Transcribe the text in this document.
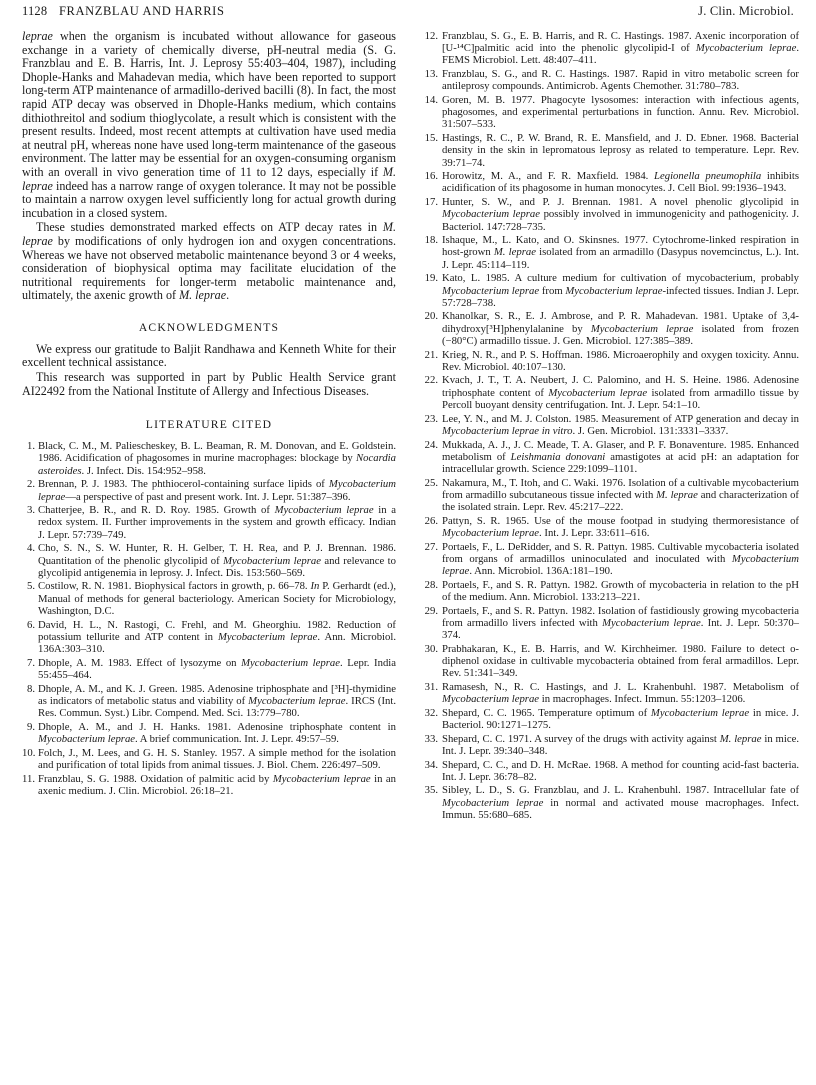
1128 FRANZBLAU AND HARRIS	J. Clin. Microbiol.

leprae when the organism is incubated without allowance for gaseous exchange in a variety of chemically diverse, pH-neutral media (S. G. Franzblau and E. B. Harris, Int. J. Leprosy 55:403–404, 1987), including Dhople-Hanks and Mahadevan media, which have been reported to support long-term ATP maintenance of armadillo-derived bacilli (8). In fact, the most rapid ATP decay was observed in Dhople-Hanks medium, which contains dithiothreitol and sodium thioglycolate, a result which is consistent with the present results. Indeed, most recent attempts at cultivation have used media at neutral pH, whereas none have used long-term maintenance of the gaseous environment. The latter may be essential for an oxygen-consuming organism with an overall in vivo generation time of 11 to 12 days, especially if M. leprae indeed has a narrow range of oxygen tolerance. It may not be possible to maintain a narrow oxygen level sufficiently long for actual growth during incubation in a closed system.

These studies demonstrated marked effects on ATP decay rates in M. leprae by modifications of only hydrogen ion and oxygen concentrations. Whereas we have not observed metabolic maintenance beyond 3 or 4 weeks, consideration of biophysical optima may facilitate elucidation of the nutritional requirements for longer-term metabolic maintenance and, ultimately, the axenic growth of M. leprae.

ACKNOWLEDGMENTS

We express our gratitude to Baljit Randhawa and Kenneth White for their excellent technical assistance.

This research was supported in part by Public Health Service grant AI22492 from the National Institute of Allergy and Infectious Diseases.

LITERATURE CITED

1. Black, C. M., M. Paliescheskey, B. L. Beaman, R. M. Donovan, and E. Goldstein. 1986. Acidification of phagosomes in murine macrophages: blockage by Nocardia asteroides. J. Infect. Dis. 154:952–958.

2. Brennan, P. J. 1983. The phthiocerol-containing surface lipids of Mycobacterium leprae—a perspective of past and present work. Int. J. Lepr. 51:387–396.

3. Chatterjee, B. R., and R. D. Roy. 1985. Growth of Mycobacterium leprae in a redox system. II. Further improvements in the system and growth efficacy. Indian J. Lepr. 57:739–749.

4. Cho, S. N., S. W. Hunter, R. H. Gelber, T. H. Rea, and P. J. Brennan. 1986. Quantitation of the phenolic glycolipid of Mycobacterium leprae and relevance to glycolipid antigenemia in leprosy. J. Infect. Dis. 153:560–569.

5. Costilow, R. N. 1981. Biophysical factors in growth, p. 66–78. In P. Gerhardt (ed.), Manual of methods for general bacteriology. American Society for Microbiology, Washington, D.C.

6. David, H. L., N. Rastogi, C. Frehl, and M. Gheorghiu. 1982. Reduction of potassium tellurite and ATP content in Mycobacterium leprae. Ann. Microbiol. 136A:303–310.

7. Dhople, A. M. 1983. Effect of lysozyme on Mycobacterium leprae. Lepr. India 55:455–464.

8. Dhople, A. M., and K. J. Green. 1985. Adenosine triphosphate and [³H]-thymidine as indicators of metabolic status and viability of Mycobacterium leprae. IRCS (Int. Res. Commun. Syst.) Libr. Compend. Med. Sci. 13:779–780.

9. Dhople, A. M., and J. H. Hanks. 1981. Adenosine triphosphate content in Mycobacterium leprae. A brief communication. Int. J. Lepr. 49:57–59.

10. Folch, J., M. Lees, and G. H. S. Stanley. 1957. A simple method for the isolation and purification of total lipids from animal tissues. J. Biol. Chem. 226:497–509.

11. Franzblau, S. G. 1988. Oxidation of palmitic acid by Mycobacterium leprae in an axenic medium. J. Clin. Microbiol. 26:18–21.

12. Franzblau, S. G., E. B. Harris, and R. C. Hastings. 1987. Axenic incorporation of [U-¹⁴C]palmitic acid into the phenolic glycolipid-I of Mycobacterium leprae. FEMS Microbiol. Lett. 48:407–411.

13. Franzblau, S. G., and R. C. Hastings. 1987. Rapid in vitro metabolic screen for antileprosy compounds. Antimicrob. Agents Chemother. 31:780–783.

14. Goren, M. B. 1977. Phagocyte lysosomes: interaction with infectious agents, phagosomes, and experimental perturbations in function. Annu. Rev. Microbiol. 31:507–533.

15. Hastings, R. C., P. W. Brand, R. E. Mansfield, and J. D. Ebner. 1968. Bacterial density in the skin in lepromatous leprosy as related to temperature. Lepr. Rev. 39:71–74.

16. Horowitz, M. A., and F. R. Maxfield. 1984. Legionella pneumophila inhibits acidification of its phagosome in human monocytes. J. Cell Biol. 99:1936–1943.

17. Hunter, S. W., and P. J. Brennan. 1981. A novel phenolic glycolipid in Mycobacterium leprae possibly involved in immunogenicity and pathogenicity. J. Bacteriol. 147:728–735.

18. Ishaque, M., L. Kato, and O. Skinsnes. 1977. Cytochrome-linked respiration in host-grown M. leprae isolated from an armadillo (Dasypus novemcinctus, L.). Int. J. Lepr. 45:114–119.

19. Kato, L. 1985. A culture medium for cultivation of mycobacterium, probably Mycobacterium leprae from Mycobacterium leprae-infected tissues. Indian J. Lepr. 57:728–738.

20. Khanolkar, S. R., E. J. Ambrose, and P. R. Mahadevan. 1981. Uptake of 3,4-dihydroxy[³H]phenylalanine by Mycobacterium leprae isolated from frozen (−80°C) armadillo tissue. J. Gen. Microbiol. 127:385–389.

21. Krieg, N. R., and P. S. Hoffman. 1986. Microaerophily and oxygen toxicity. Annu. Rev. Microbiol. 40:107–130.

22. Kvach, J. T., T. A. Neubert, J. C. Palomino, and H. S. Heine. 1986. Adenosine triphosphate content of Mycobacterium leprae isolated from armadillo tissue by Percoll buoyant density centrifugation. Int. J. Lepr. 54:1–10.

23. Lee, Y. N., and M. J. Colston. 1985. Measurement of ATP generation and decay in Mycobacterium leprae in vitro. J. Gen. Microbiol. 131:3331–3337.

24. Mukkada, A. J., J. C. Meade, T. A. Glaser, and P. F. Bonaventure. 1985. Enhanced metabolism of Leishmania donovani amastigotes at acid pH: an adaptation for intracellular growth. Science 229:1099–1101.

25. Nakamura, M., T. Itoh, and C. Waki. 1976. Isolation of a cultivable mycobacterium from armadillo subcutaneous tissue infected with M. leprae and characterization of the isolated strain. Lepr. Rev. 45:217–222.

26. Pattyn, S. R. 1965. Use of the mouse footpad in studying thermoresistance of Mycobacterium leprae. Int. J. Lepr. 33:611–616.

27. Portaels, F., L. DeRidder, and S. R. Pattyn. 1985. Cultivable mycobacteria isolated from organs of armadillos uninoculated and inoculated with Mycobacterium leprae. Ann. Microbiol. 136A:181–190.

28. Portaels, F., and S. R. Pattyn. 1982. Growth of mycobacteria in relation to the pH of the medium. Ann. Microbiol. 133:213–221.

29. Portaels, F., and S. R. Pattyn. 1982. Isolation of fastidiously growing mycobacteria from armadillo livers infected with Mycobacterium leprae. Int. J. Lepr. 50:370–374.

30. Prabhakaran, K., E. B. Harris, and W. Kirchheimer. 1980. Failure to detect o-diphenol oxidase in cultivable mycobacteria obtained from feral armadillos. Lepr. Rev. 51:341–349.

31. Ramasesh, N., R. C. Hastings, and J. L. Krahenbuhl. 1987. Metabolism of Mycobacterium leprae in macrophages. Infect. Immun. 55:1203–1206.

32. Shepard, C. C. 1965. Temperature optimum of Mycobacterium leprae in mice. J. Bacteriol. 90:1271–1275.

33. Shepard, C. C. 1971. A survey of the drugs with activity against M. leprae in mice. Int. J. Lepr. 39:340–348.

34. Shepard, C. C., and D. H. McRae. 1968. A method for counting acid-fast bacteria. Int. J. Lepr. 36:78–82.

35. Sibley, L. D., S. G. Franzblau, and J. L. Krahenbuhl. 1987. Intracellular fate of Mycobacterium leprae in normal and activated mouse macrophages. Infect. Immun. 55:680–685.
